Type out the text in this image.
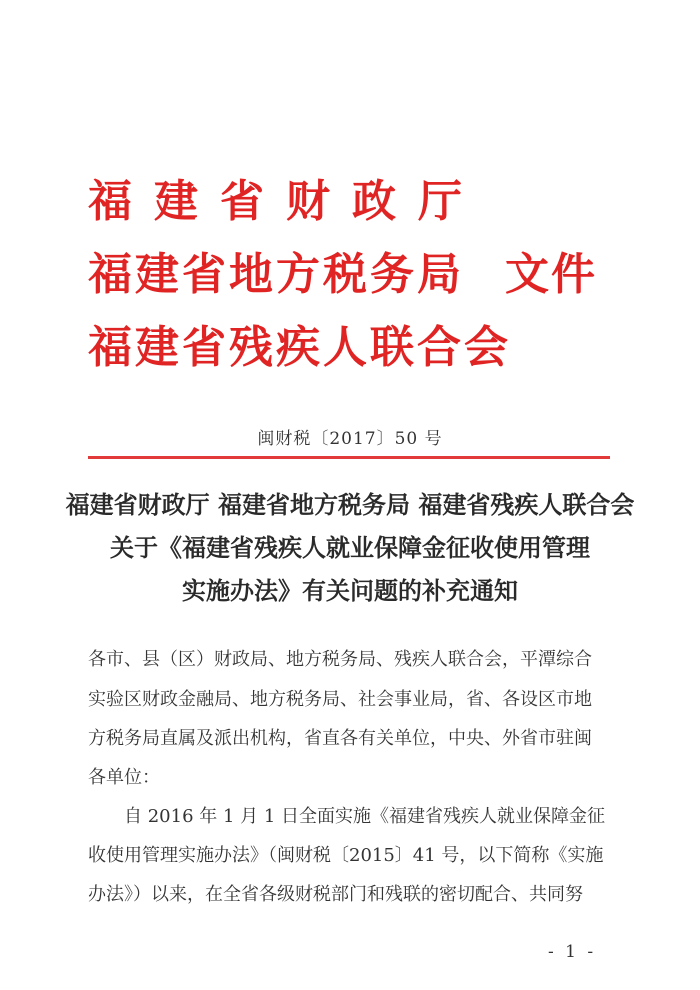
福建省财政厅
福建省地方税务局
福建省残疾人联合会
文件
闽财税〔2017〕50 号
福建省财政厅 福建省地方税务局 福建省残疾人联合会
关于《福建省残疾人就业保障金征收使用管理
实施办法》有关问题的补充通知
各市、县（区）财政局、地方税务局、残疾人联合会，平潭综合
实验区财政金融局、地方税务局、社会事业局，省、各设区市地
方税务局直属及派出机构，省直各有关单位，中央、外省市驻闽
各单位：
自 2016 年 1 月 1 日全面实施《福建省残疾人就业保障金征
收使用管理实施办法》（闽财税〔2015〕41 号，以下简称《实施
办法》）以来，在全省各级财税部门和残联的密切配合、共同努
- 1 -
